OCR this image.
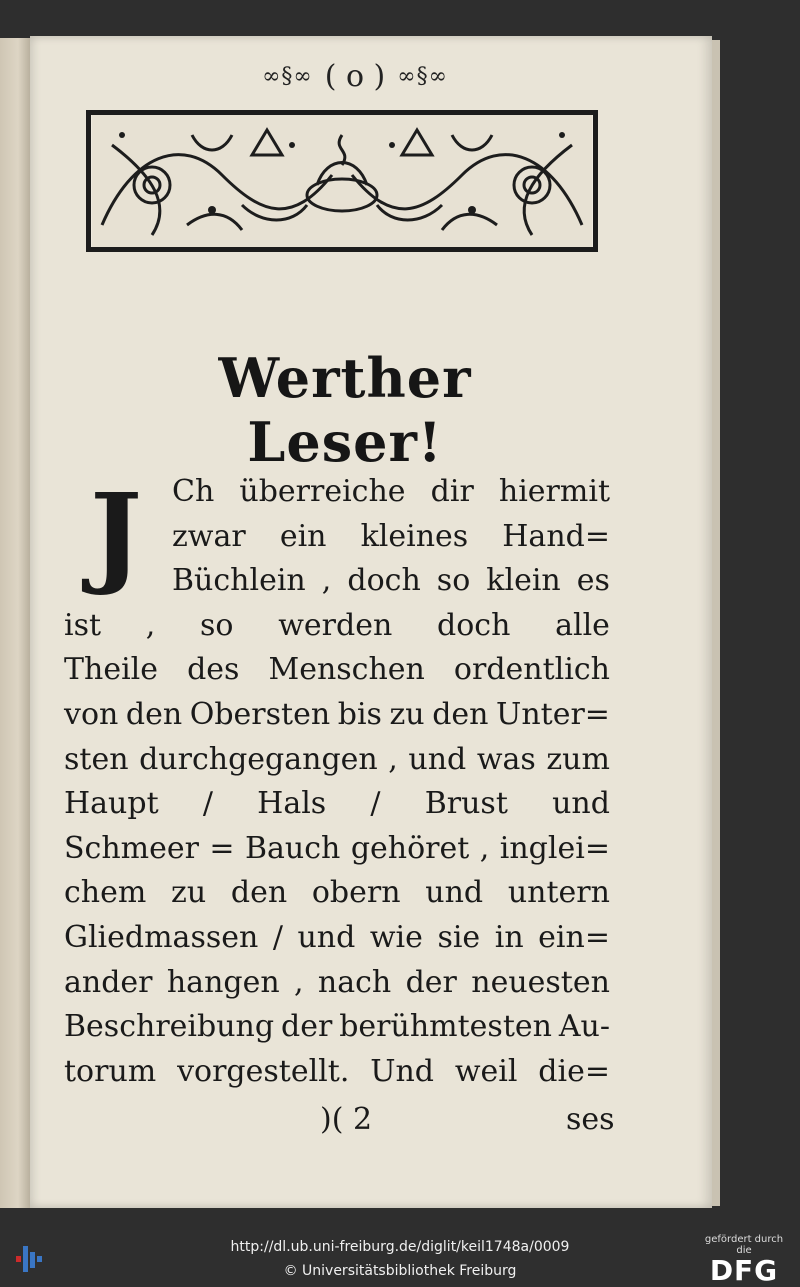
∞§∞ ( o ) ∞§∞
Werther Leser!
J Ch überreiche dir hiermit
zwar ein kleines Hand=
Büchlein , doch so klein es
ist , so werden doch alle
Theile des Menschen ordentlich
von den Obersten bis zu den Unter=
sten durchgegangen , und was zum
Haupt / Hals / Brust und
Schmeer = Bauch gehöret , inglei=
chem zu den obern und untern
Gliedmassen / und wie sie in ein=
ander hangen , nach der neuesten
Beschreibung der berühmtesten Au-
torum vorgestellt. Und weil die=
)( 2	ses
http://dl.ub.uni-freiburg.de/diglit/keil1748a/0009
© Universitätsbibliothek Freiburg
gefördert durch die
DFG
